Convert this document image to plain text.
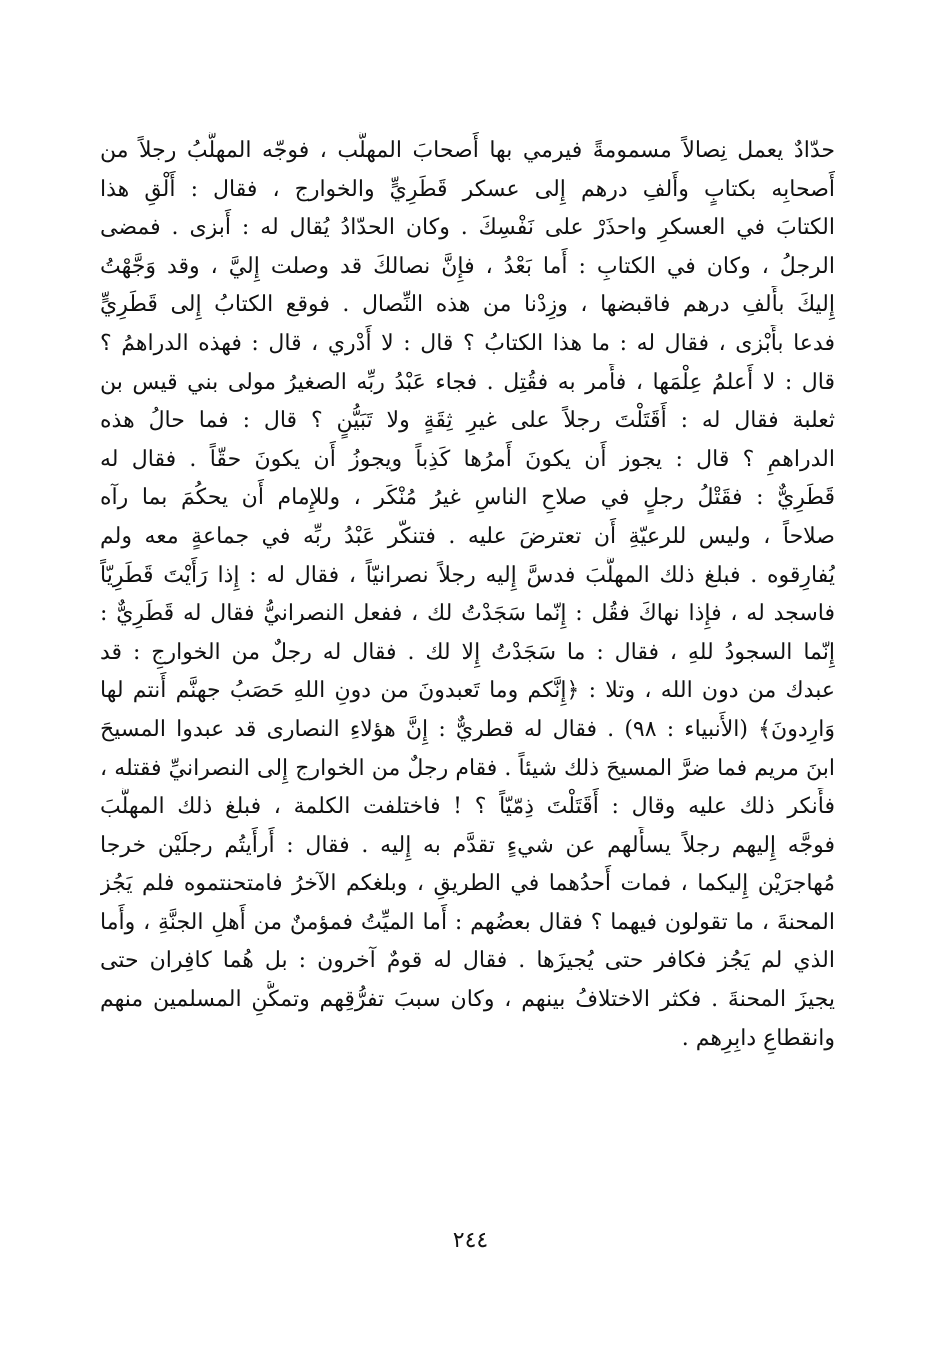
حدّادٌ يعمل نِصالاً مسمومةً فيرمي بها أَصحابَ المهلَّب ، فوجّه المهلَّبُ رجلاً من
أَصحابِه بكتابٍ وأَلفِ درهم إِلى عسكر قَطَرِيٍّ والخوارج ، فقال : أَلْقِ هذا
الكتابَ في العسكرِ واحذَرْ على نَفْسِكَ . وكان الحدّادُ يُقال له : أَبزى . فمضى
الرجلُ ، وكان في الكتابِ : أَما بَعْدُ ، فإِنَّ نصالكَ قد وصلت إِليَّ ، وقد وَجَّهْتُ
إِليكَ بأَلفِ درهم فاقبضها ، وزِدْنا من هذه النِّصال . فوقع الكتابُ إِلى قَطَرِيٍّ
فدعا بأَبْزى ، فقال له : ما هذا الكتابُ ؟ قال : لا أَدْري ، قال : فهذه الدراهمُ ؟
قال : لا أَعلمُ عِلْمَها ، فأَمر به فقُتِل . فجاء عَبْدُ ربِّه الصغيرُ مولى بني قيس بن
ثعلبة فقال له : أَقَتَلْتَ رجلاً على غيرِ ثِقَةٍ ولا تَبَيُّنٍ ؟ قال : فما حالُ هذه
الدراهمِ ؟ قال : يجوز أَن يكونَ أَمرُها كَذِباً ويجوزُ أَن يكونَ حقّاً . فقال له
قَطَرِيٌّ : فقَتْلُ رجلٍ في صلاحِ الناسِ غيرُ مُنْكَر ، وللإِمام أَن يحكُمَ بما رآه
صلاحاً ، وليس للرعيّةِ أَن تعترضَ عليه . فتنكّر عَبْدُ ربِّه في جماعةٍ معه ولم
يُفارِقوه . فبلغ ذلك المهلَّبَ فدسَّ إِليه رجلاً نصرانيّاً ، فقال له : إِذا رَأَيْتَ قَطَرِيّاً
فاسجد له ، فإِذا نهاكَ فقُل : إِنّما سَجَدْتُ لك ، ففعل النصرانيُّ فقال له قَطَرِيٌّ :
إِنّما السجودُ للهِ ، فقال : ما سَجَدْتُ إِلا لك . فقال له رجلٌ من الخوارجِ : قد
عبدك من دون الله ، وتلا : ﴿إِنَّكم وما تَعبدونَ من دونِ اللهِ حَصَبُ جهنَّم أَنتم لها
وَارِدونَ﴾ (الأَنبياء : ٩٨) . فقال له قطريٌّ : إِنَّ هؤلاءِ النصارى قد عبدوا المسيحَ
ابنَ مريم فما ضرَّ المسيحَ ذلك شيئاً . فقام رجلٌ من الخوارج إِلى النصرانيِّ فقتله ،
فأَنكر ذلك عليه وقال : أَقَتَلْتَ ذِمّيّاً ؟ ! فاختلفت الكلمة ، فبلغ ذلك المهلَّبَ
فوجَّه إِليهم رجلاً يسأَلهم عن شيءٍ تقدَّم به إِليه . فقال : أَرأَيتُم رجلَيْن خرجا
مُهاجرَيْن إِليكما ، فمات أَحدُهما في الطريقِ ، وبلغكم الآخرُ فامتحنتموه فلم يَجُز
المحنةَ ، ما تقولون فيهما ؟ فقال بعضُهم : أَما الميِّتُ فمؤمنٌ من أَهلِ الجنَّةِ ، وأَما
الذي لم يَجُز فكافر حتى يُجيزَها . فقال له قومٌ آخرون : بل هُما كافِران حتى
يجيزَ المحنةَ . فكثر الاختلافُ بينهم ، وكان سببَ تفرُّقِهم وتمكُّنِ المسلمين منهم
وانقطاعِ دابِرِهم .
٢٤٤
